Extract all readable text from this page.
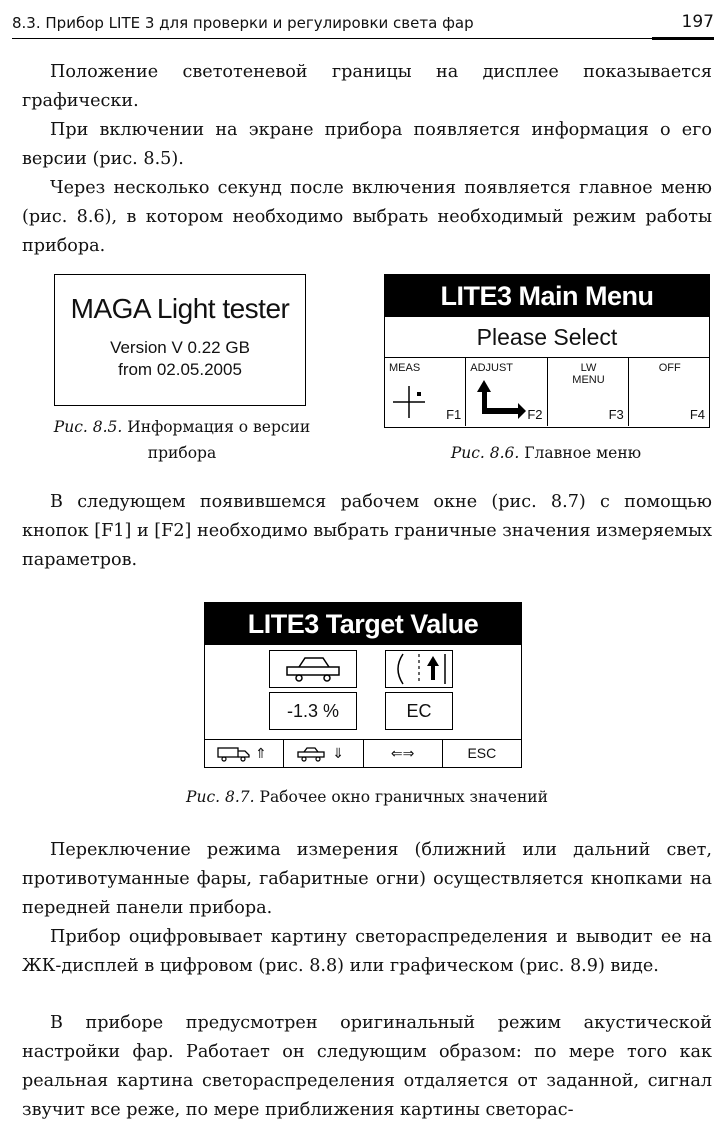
8.3. Прибор LITE 3 для проверки и регулировки света фар	197

Положение светотеневой границы на дисплее показывается графически.

При включении на экране прибора появляется информация о его версии (рис. 8.5).

Через несколько секунд после включения появляется главное меню (рис. 8.6), в котором необходимо выбрать необходимый режим работы прибора.

MAGA Light tester
Version V 0.22 GB
from 02.05.2005
Рис. 8.5. Информация о версии прибора
LITE3 Main Menu
Please Select
MEAS
F1
ADJUST
F2
LW MENU
F3
OFF
F4
Рис. 8.6. Главное меню

В следующем появившемся рабочем окне (рис. 8.7) с помощью кнопок [F1] и [F2] необходимо выбрать граничные значения измеряемых параметров.

LITE3 Target Value
-1.3 %	EC
⇑	⇓	⇐⇒	ESC
Рис. 8.7. Рабочее окно граничных значений

Переключение режима измерения (ближний или дальний свет, противотуманные фары, габаритные огни) осуществляется кнопками на передней панели прибора.

Прибор оцифровывает картину светораспределения и выводит ее на ЖК-дисплей в цифровом (рис. 8.8) или графическом (рис. 8.9) виде.

В приборе предусмотрен оригинальный режим акустической настройки фар. Работает он следующим образом: по мере того как реальная картина светораспределения отдаляется от заданной, сигнал звучит все реже, по мере приближения картины светорас-
